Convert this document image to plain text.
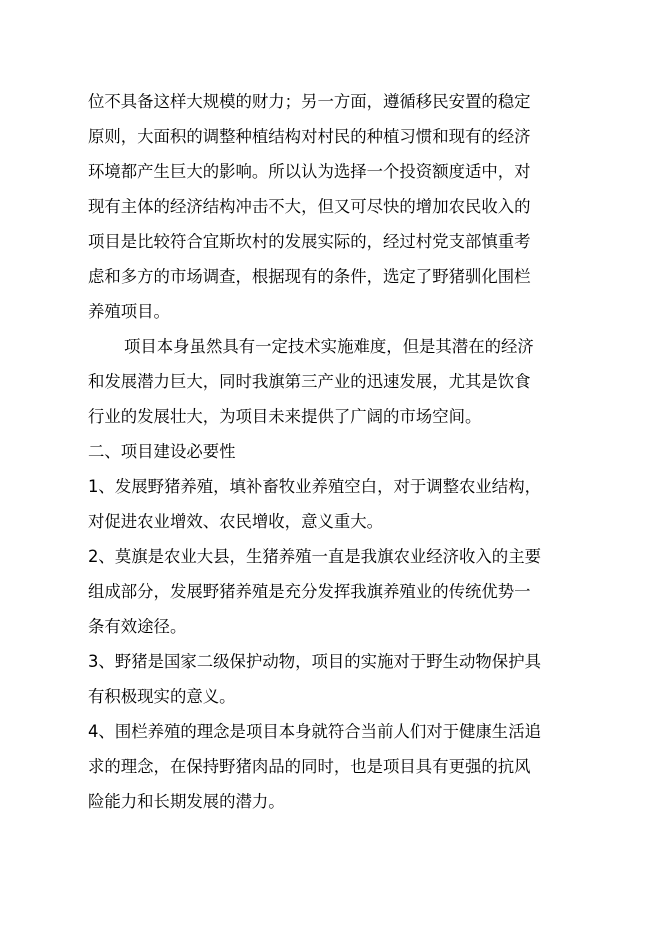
位不具备这样大规模的财力；另一方面，遵循移民安置的稳定
原则，大面积的调整种植结构对村民的种植习惯和现有的经济
环境都产生巨大的影响。所以认为选择一个投资额度适中，对
现有主体的经济结构冲击不大，但又可尽快的增加农民收入的
项目是比较符合宜斯坎村的发展实际的，经过村党支部慎重考
虑和多方的市场调查，根据现有的条件，选定了野猪驯化围栏
养殖项目。
项目本身虽然具有一定技术实施难度，但是其潜在的经济
和发展潜力巨大，同时我旗第三产业的迅速发展，尤其是饮食
行业的发展壮大，为项目未来提供了广阔的市场空间。
二、项目建设必要性
1、发展野猪养殖，填补畜牧业养殖空白，对于调整农业结构，
对促进农业增效、农民增收，意义重大。
2、莫旗是农业大县，生猪养殖一直是我旗农业经济收入的主要
组成部分，发展野猪养殖是充分发挥我旗养殖业的传统优势一
条有效途径。
3、野猪是国家二级保护动物，项目的实施对于野生动物保护具
有积极现实的意义。
4、围栏养殖的理念是项目本身就符合当前人们对于健康生活追
求的理念，在保持野猪肉品的同时，也是项目具有更强的抗风
险能力和长期发展的潜力。
